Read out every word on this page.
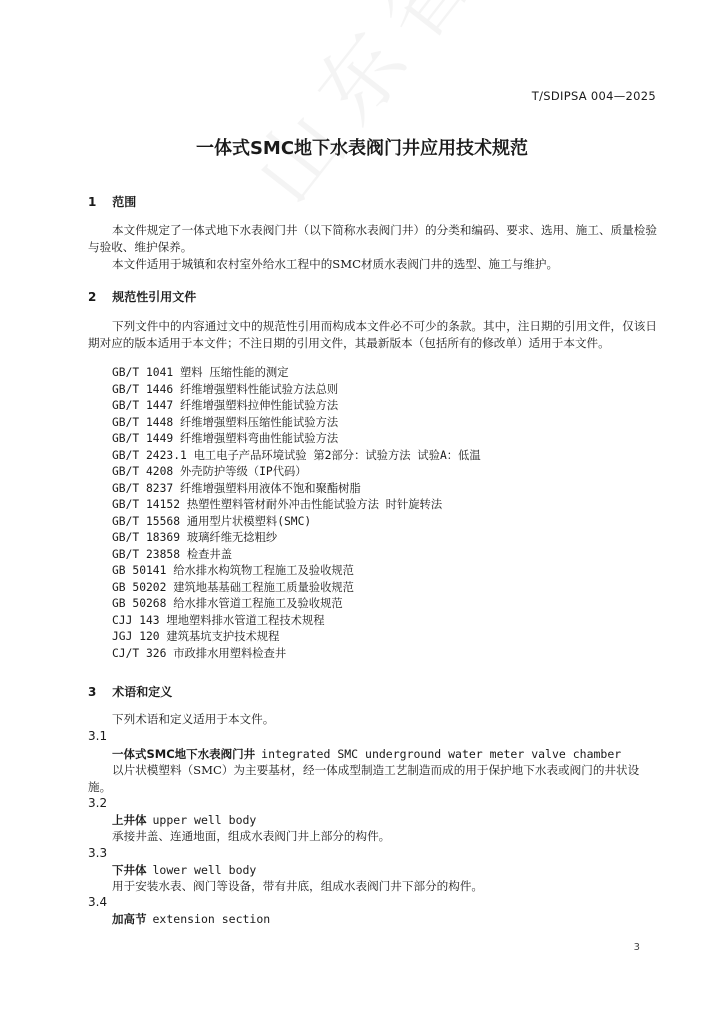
T/SDIPSA 004—2025
一体式SMC地下水表阀门井应用技术规范
1 范围
本文件规定了一体式地下水表阀门井（以下简称水表阀门井）的分类和编码、要求、选用、施工、质量检验与验收、维护保养。
本文件适用于城镇和农村室外给水工程中的SMC材质水表阀门井的选型、施工与维护。
2 规范性引用文件
下列文件中的内容通过文中的规范性引用而构成本文件必不可少的条款。其中，注日期的引用文件，仅该日期对应的版本适用于本文件；不注日期的引用文件，其最新版本（包括所有的修改单）适用于本文件。
GB/T 1041 塑料 压缩性能的测定
GB/T 1446 纤维增强塑料性能试验方法总则
GB/T 1447 纤维增强塑料拉伸性能试验方法
GB/T 1448 纤维增强塑料压缩性能试验方法
GB/T 1449 纤维增强塑料弯曲性能试验方法
GB/T 2423.1 电工电子产品环境试验 第2部分：试验方法 试验A：低温
GB/T 4208 外壳防护等级（IP代码）
GB/T 8237 纤维增强塑料用液体不饱和聚酯树脂
GB/T 14152 热塑性塑料管材耐外冲击性能试验方法 时针旋转法
GB/T 15568 通用型片状模塑料(SMC)
GB/T 18369 玻璃纤维无捻粗纱
GB/T 23858 检查井盖
GB 50141 给水排水构筑物工程施工及验收规范
GB 50202 建筑地基基础工程施工质量验收规范
GB 50268 给水排水管道工程施工及验收规范
CJJ 143 埋地塑料排水管道工程技术规程
JGJ 120 建筑基坑支护技术规程
CJ/T 326 市政排水用塑料检查井
3 术语和定义
下列术语和定义适用于本文件。
3.1
一体式SMC地下水表阀门井 integrated SMC underground water meter valve chamber
以片状模塑料（SMC）为主要基材，经一体成型制造工艺制造而成的用于保护地下水表或阀门的井状设施。
3.2
上井体 upper well body
承接井盖、连通地面，组成水表阀门井上部分的构件。
3.3
下井体 lower well body
用于安装水表、阀门等设备，带有井底，组成水表阀门井下部分的构件。
3.4
加高节 extension section
3
